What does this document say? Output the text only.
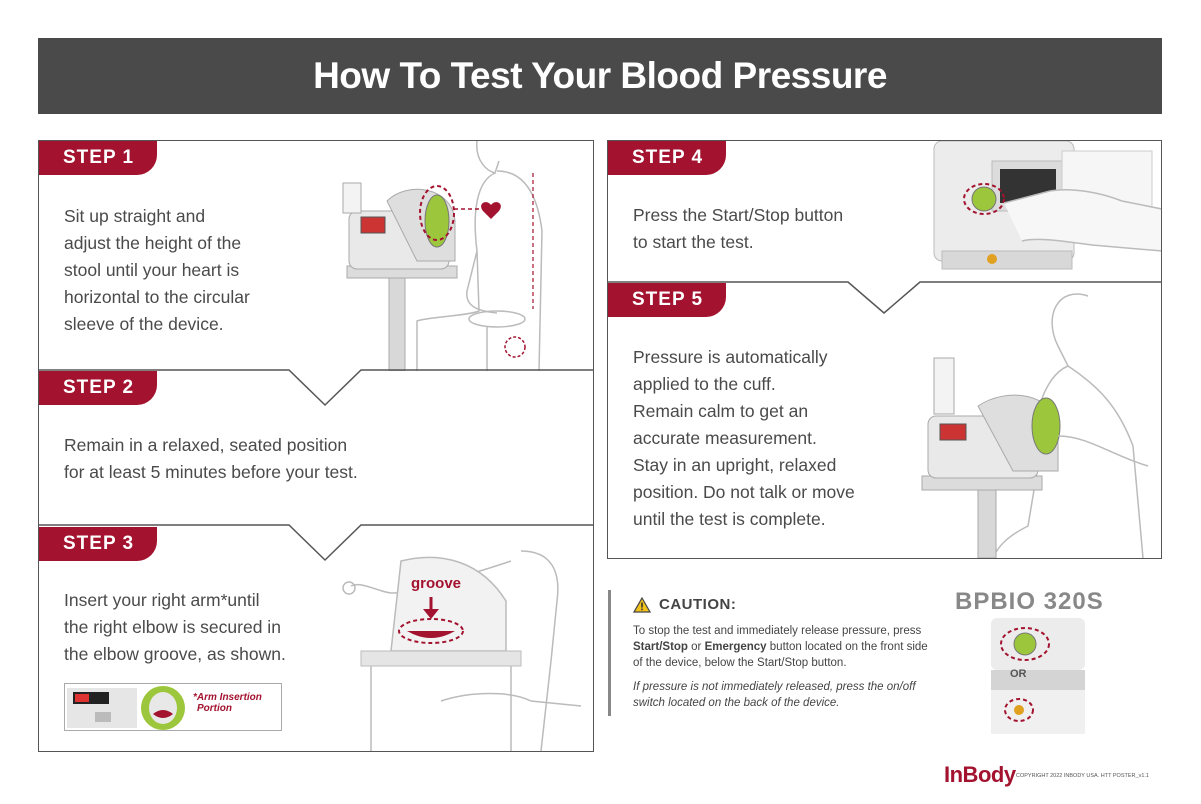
How To Test Your Blood Pressure
STEP 1
Sit up straight and
adjust the height of the
stool until your heart is
horizontal to the circular
sleeve of the device.
STEP 2
Remain in a relaxed, seated position
for at least 5 minutes before your test.
STEP 3
Insert your right arm*until
the right elbow is secured in
the elbow groove, as shown.
*Arm Insertion
Portion
groove
STEP 4
Press the Start/Stop button
to start the test.
STEP 5
Pressure is automatically
applied to the cuff.
Remain calm to get an
accurate measurement.
Stay in an upright, relaxed
position. Do not talk or move
until the test is complete.
CAUTION:
To stop the test and immediately release pressure, press Start/Stop or Emergency button located on the front side of the device, below the Start/Stop button.
If pressure is not immediately released, press the on/off switch located on the back of the device.
BPBIO 320S
OR
InBody COPYRIGHT 2022 INBODY USA. HTT POSTER_v1.1
